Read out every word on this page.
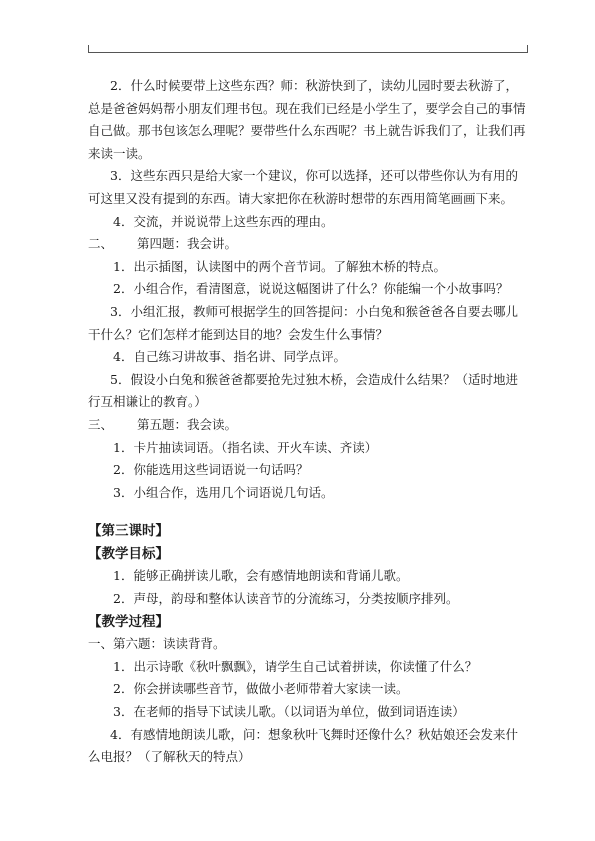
2．什么时候要带上这些东西？师：秋游快到了，读幼儿园时要去秋游了，总是爸爸妈妈帮小朋友们理书包。现在我们已经是小学生了，要学会自己的事情自己做。那书包该怎么理呢？要带些什么东西呢？书上就告诉我们了，让我们再来读一读。

3．这些东西只是给大家一个建议，你可以选择，还可以带些你认为有用的可这里又没有提到的东西。请大家把你在秋游时想带的东西用简笔画画下来。

4．交流，并说说带上这些东西的理由。

二、 第四题：我会讲。

1．出示插图，认读图中的两个音节词。了解独木桥的特点。

2．小组合作，看清图意，说说这幅图讲了什么？你能编一个小故事吗？

3．小组汇报，教师可根据学生的回答提问：小白兔和猴爸爸各自要去哪儿干什么？它们怎样才能到达目的地？会发生什么事情？

4．自己练习讲故事、指名讲、同学点评。

5．假设小白兔和猴爸爸都要抢先过独木桥，会造成什么结果？（适时地进行互相谦让的教育。）

三、 第五题：我会读。

1．卡片抽读词语。（指名读、开火车读、齐读）

2．你能选用这些词语说一句话吗？

3．小组合作，选用几个词语说几句话。

【第三课时】

【教学目标】

1．能够正确拼读儿歌，会有感情地朗读和背诵儿歌。

2．声母，韵母和整体认读音节的分流练习，分类按顺序排列。

【教学过程】

一、第六题：读读背背。

1．出示诗歌《秋叶飘飘》，请学生自己试着拼读，你读懂了什么？

2．你会拼读哪些音节，做做小老师带着大家读一读。

3．在老师的指导下试读儿歌。（以词语为单位，做到词语连读）

4．有感情地朗读儿歌，问：想象秋叶飞舞时还像什么？秋姑娘还会发来什么电报？（了解秋天的特点）
